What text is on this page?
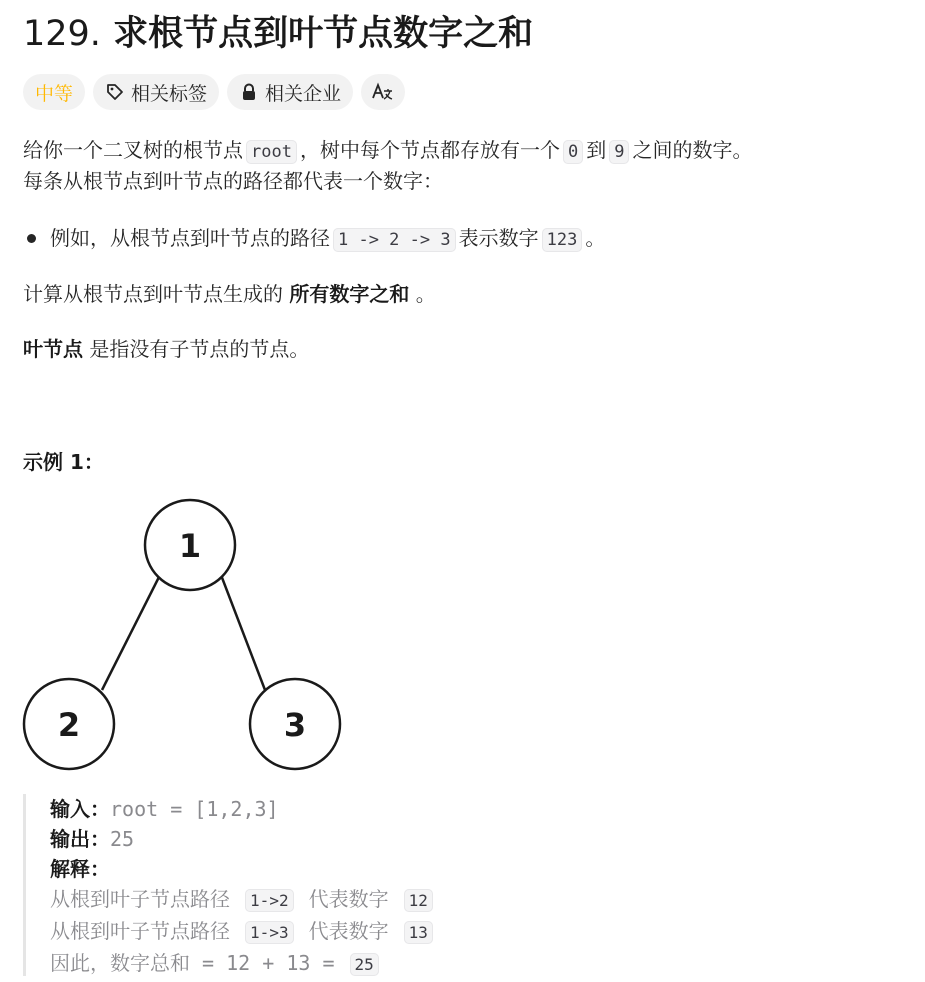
129. 求根节点到叶节点数字之和
中等	相关标签	相关企业
给你一个二叉树的根节点 root ，树中每个节点都存放有一个 0 到 9 之间的数字。
每条从根节点到叶节点的路径都代表一个数字：
例如，从根节点到叶节点的路径 1 -> 2 -> 3 表示数字 123 。
计算从根节点到叶节点生成的 所有数字之和 。
叶节点 是指没有子节点的节点。
示例 1：
1
2	3
输入：root = [1,2,3]
输出：25
解释：
从根到叶子节点路径 1->2 代表数字 12
从根到叶子节点路径 1->3 代表数字 13
因此，数字总和 = 12 + 13 = 25
